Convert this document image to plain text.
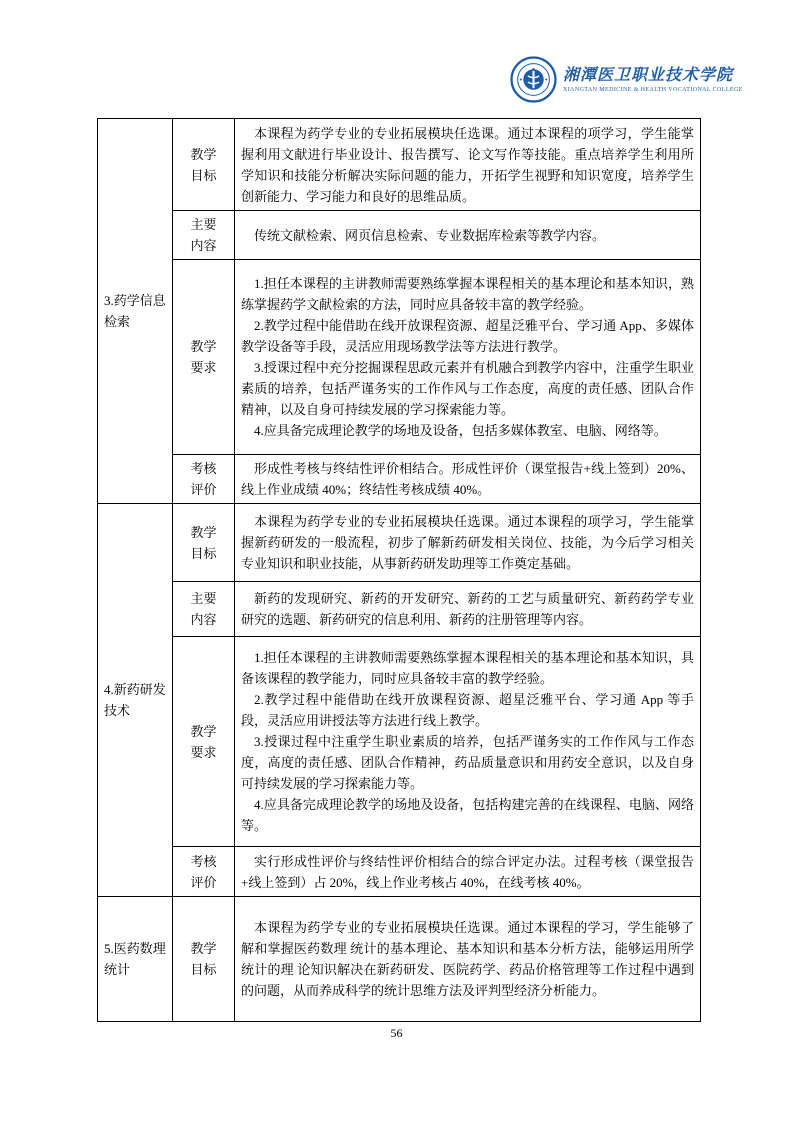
湘潭医卫职业技术学院
XIANGTAN MEDICINE & HEALTH VOCATIONAL COLLEGE
3.药学信息检索	教学目标	本课程为药学专业的专业拓展模块任选课。通过本课程的项学习，学生能掌握利用文献进行毕业设计、报告撰写、论文写作等技能。重点培养学生利用所学知识和技能分析解决实际问题的能力，开拓学生视野和知识宽度，培养学生创新能力、学习能力和良好的思维品质。

	主要内容	传统文献检索、网页信息检索、专业数据库检索等教学内容。

	教学要求	1.担任本课程的主讲教师需要熟练掌握本课程相关的基本理论和基本知识，熟练掌握药学文献检索的方法，同时应具备较丰富的教学经验。

2.教学过程中能借助在线开放课程资源、超星泛雅平台、学习通 App、多媒体教学设备等手段，灵活应用现场教学法等方法进行教学。

3.授课过程中充分挖掘课程思政元素并有机融合到教学内容中，注重学生职业素质的培养，包括严谨务实的工作作风与工作态度，高度的责任感、团队合作精神，以及自身可持续发展的学习探索能力等。

4.应具备完成理论教学的场地及设备，包括多媒体教室、电脑、网络等。

	考核评价	形成性考核与终结性评价相结合。形成性评价（课堂报告+线上签到）20%、线上作业成绩 40%；终结性考核成绩 40%。

4.新药研发技术	教学目标	本课程为药学专业的专业拓展模块任选课。通过本课程的项学习，学生能掌握新药研发的一般流程，初步了解新药研发相关岗位、技能，为今后学习相关专业知识和职业技能，从事新药研发助理等工作奠定基础。

	主要内容	新药的发现研究、新药的开发研究、新药的工艺与质量研究、新药药学专业研究的选题、新药研究的信息利用、新药的注册管理等内容。

	教学要求	1.担任本课程的主讲教师需要熟练掌握本课程相关的基本理论和基本知识，具备该课程的教学能力，同时应具备较丰富的教学经验。

2.教学过程中能借助在线开放课程资源、超星泛雅平台、学习通 App 等手段，灵活应用讲授法等方法进行线上教学。

3.授课过程中注重学生职业素质的培养，包括严谨务实的工作作风与工作态度，高度的责任感、团队合作精神，药品质量意识和用药安全意识，以及自身可持续发展的学习探索能力等。

4.应具备完成理论教学的场地及设备，包括构建完善的在线课程、电脑、网络等。

	考核评价	实行形成性评价与终结性评价相结合的综合评定办法。过程考核（课堂报告+线上签到）占 20%，线上作业考核占 40%，在线考核 40%。

5.医药数理统计	教学目标	本课程为药学专业的专业拓展模块任选课。通过本课程的学习，学生能够了解和掌握医药数理 统计的基本理论、基本知识和基本分析方法，能够运用所学统计的理 论知识解决在新药研发、医院药学、药品价格管理等工作过程中遇到 的问题，从而养成科学的统计思维方法及评判型经济分析能力。

56
